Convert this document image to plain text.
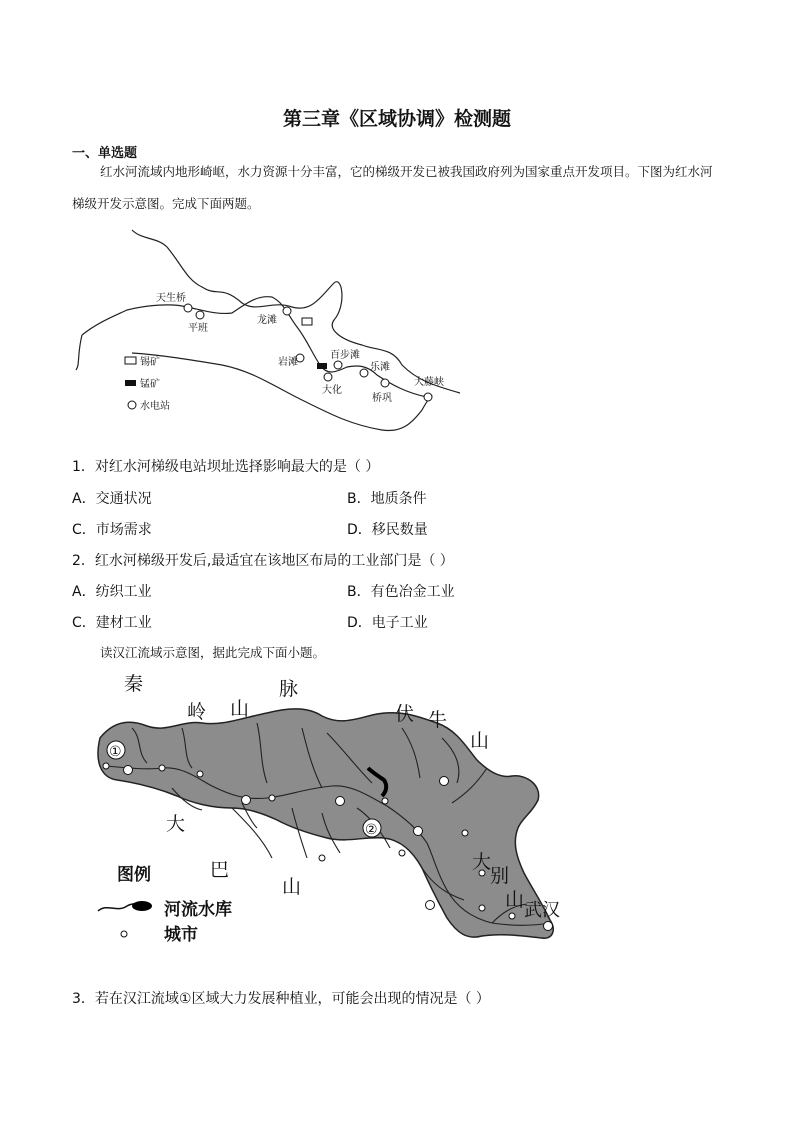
第三章《区域协调》检测题
一、单选题
红水河流域内地形崎岖，水力资源十分丰富，它的梯级开发已被我国政府列为国家重点开发项目。下图为红水河梯级开发示意图。完成下面两题。
天生桥
平班
龙滩
岩滩
百步滩
大化
乐滩
桥巩
大藤峡
锡矿
锰矿
水电站
1．对红水河梯级电站坝址选择影响最大的是（ ）
A．交通状况	B．地质条件
C．市场需求	D．移民数量
2．红水河梯级开发后,最适宜在该地区布局的工业部门是（ ）
A．纺织工业	B．有色冶金工业
C．建材工业	D．电子工业
读汉江流域示意图，据此完成下面小题。
秦
岭 山
脉
伏 牛
山
大
巴
山
大
别
山 武汉
①
②
图例
河流水库
城市
3．若在汉江流域①区域大力发展种植业，可能会出现的情况是（ ）
